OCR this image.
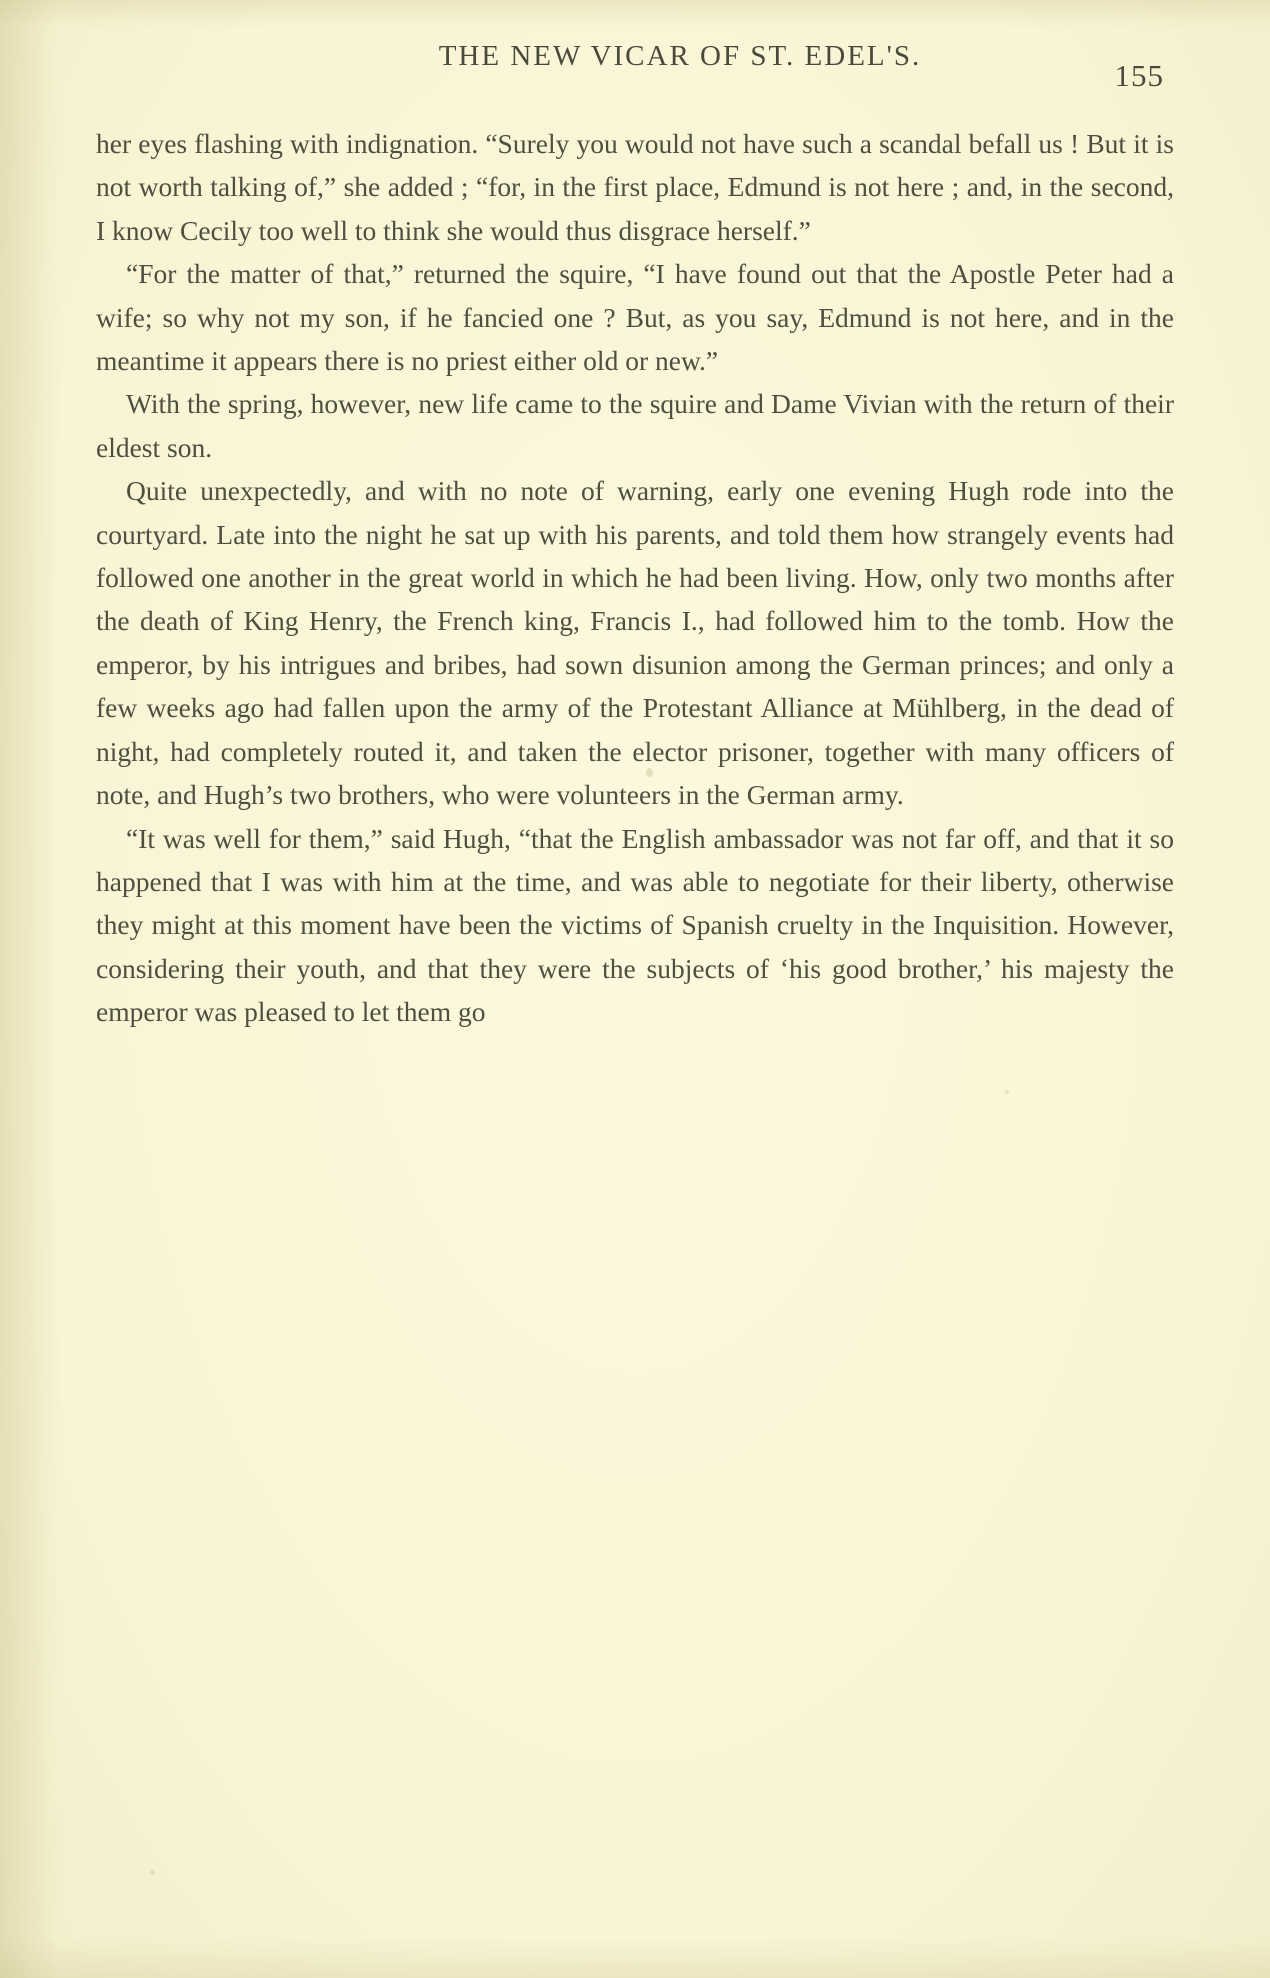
THE NEW VICAR OF ST. EDEL'S.
155

her eyes flashing with indignation. “Surely you would not have such a scandal befall us ! But it is not worth talking of,” she added ; “for, in the first place, Edmund is not here ; and, in the second, I know Cecily too well to think she would thus disgrace herself.”

“For the matter of that,” returned the squire, “I have found out that the Apostle Peter had a wife; so why not my son, if he fancied one ? But, as you say, Edmund is not here, and in the meantime it appears there is no priest either old or new.”

With the spring, however, new life came to the squire and Dame Vivian with the return of their eldest son.

Quite unexpectedly, and with no note of warning, early one evening Hugh rode into the courtyard. Late into the night he sat up with his parents, and told them how strangely events had followed one another in the great world in which he had been living. How, only two months after the death of King Henry, the French king, Francis I., had followed him to the tomb. How the emperor, by his intrigues and bribes, had sown disunion among the German princes; and only a few weeks ago had fallen upon the army of the Protestant Alliance at Mühlberg, in the dead of night, had completely routed it, and taken the elector prisoner, together with many officers of note, and Hugh’s two brothers, who were volunteers in the German army.

“It was well for them,” said Hugh, “that the English ambassador was not far off, and that it so happened that I was with him at the time, and was able to negotiate for their liberty, otherwise they might at this moment have been the victims of Spanish cruelty in the Inquisition. However, considering their youth, and that they were the subjects of ‘his good brother,’ his majesty the emperor was pleased to let them go
